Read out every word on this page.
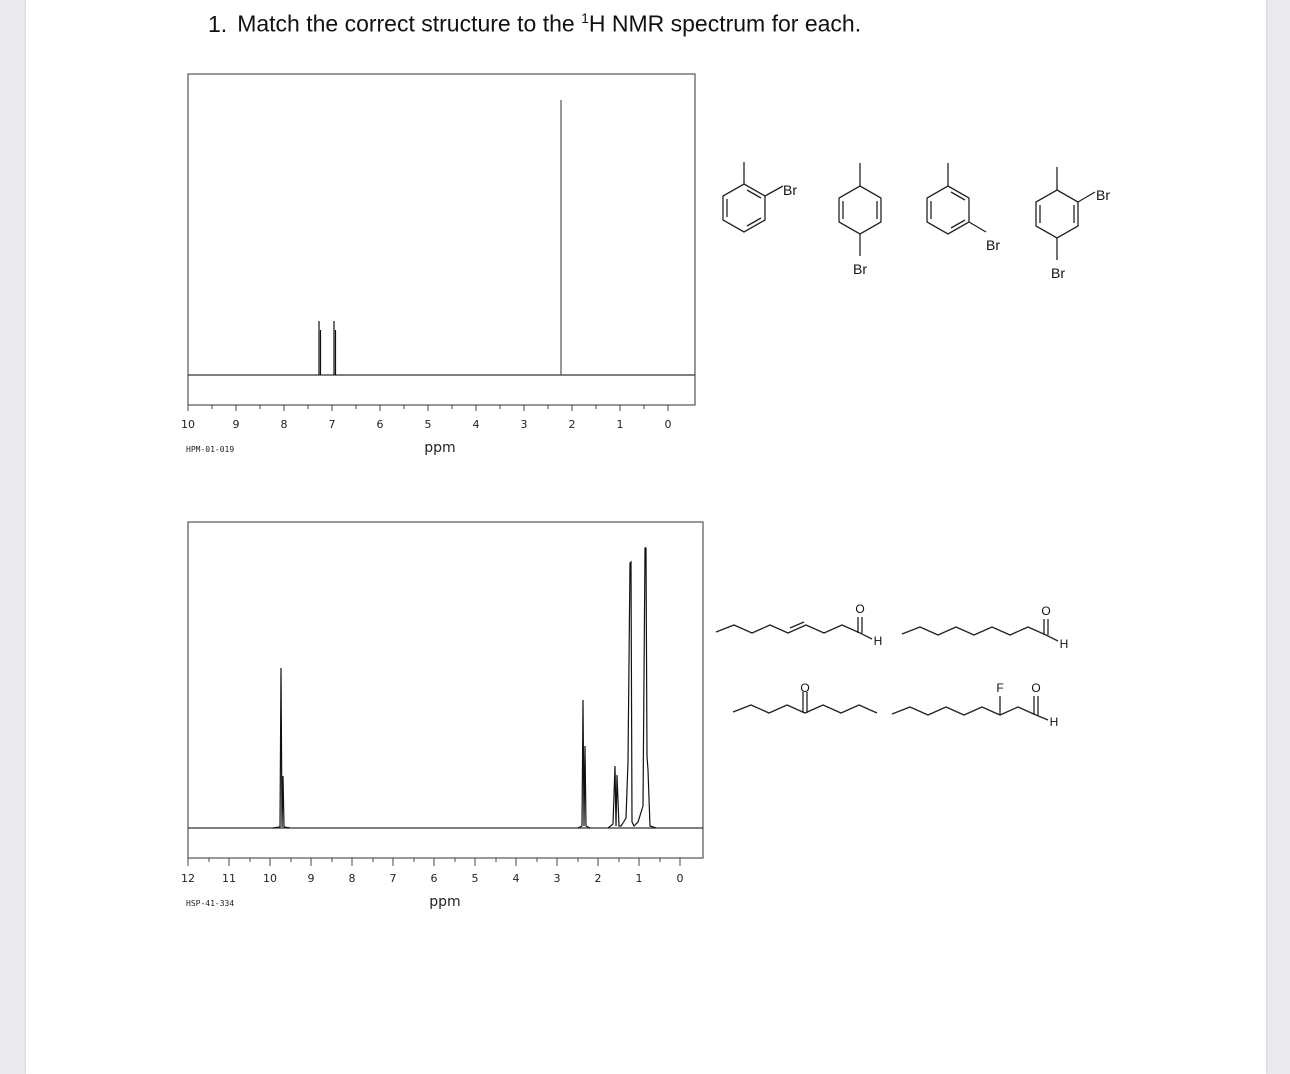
1. Match the correct structure to the $^1$H NMR spectrum for each.
10	9	8	7	6	5	4	3	2	1	0
ppm
HPM-01-019
Br
Br
Br
Br
Br
12 11 10	9	8	7	6	5	4	3	2	1	0
ppm
HSP-41-334
O
H
O
H
O	F O
H
